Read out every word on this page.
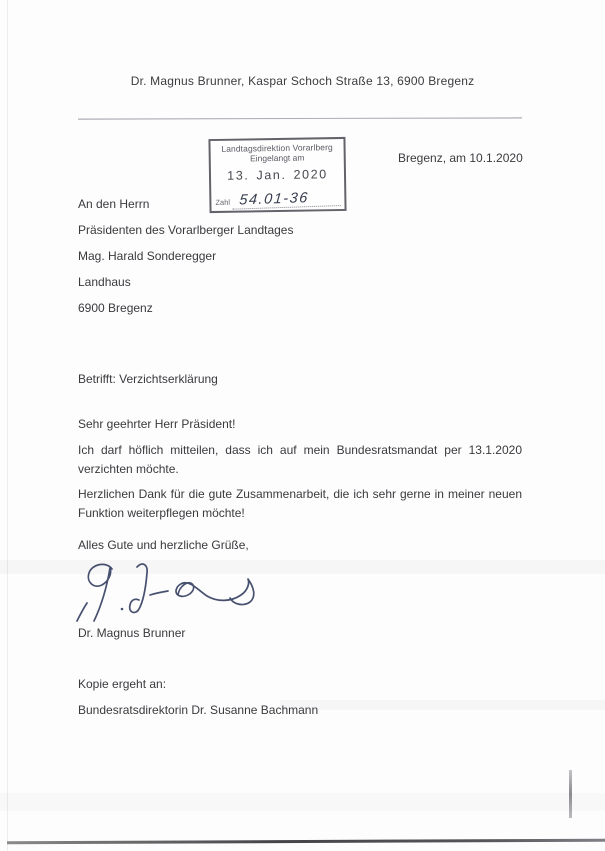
Dr. Magnus Brunner, Kaspar Schoch Straße 13, 6900 Bregenz
Landtagsdirektion Vorarlberg
Eingelangt am
13. Jan. 2020
Zahl 54.01-36
Bregenz, am 10.1.2020
An den Herrn
Präsidenten des Vorarlberger Landtages
Mag. Harald Sonderegger
Landhaus
6900 Bregenz
Betrifft: Verzichtserklärung
Sehr geehrter Herr Präsident!
Ich darf höflich mitteilen, dass ich auf mein Bundesratsmandat per 13.1.2020
verzichten möchte.
Herzlichen Dank für die gute Zusammenarbeit, die ich sehr gerne in meiner neuen
Funktion weiterpflegen möchte!
Alles Gute und herzliche Grüße,
Dr. Magnus Brunner
Kopie ergeht an:
Bundesratsdirektorin Dr. Susanne Bachmann
